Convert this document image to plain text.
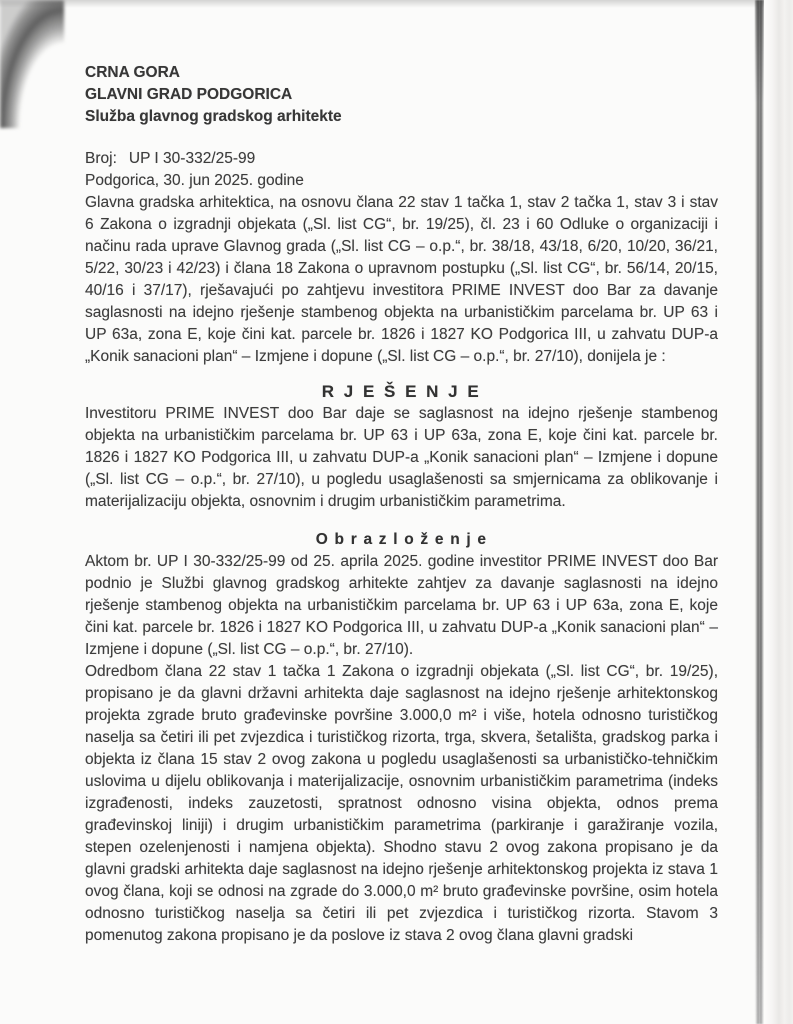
CRNA GORA
GLAVNI GRAD PODGORICA
Služba glavnog gradskog arhitekte
Broj: UP I 30-332/25-99
Podgorica, 30. jun 2025. godine

Glavna gradska arhitektica, na osnovu člana 22 stav 1 tačka 1, stav 2 tačka 1, stav 3 i stav 6 Zakona o izgradnji objekata („Sl. list CG“, br. 19/25), čl. 23 i 60 Odluke o organizaciji i načinu rada uprave Glavnog grada („Sl. list CG – o.p.“, br. 38/18, 43/18, 6/20, 10/20, 36/21, 5/22, 30/23 i 42/23) i člana 18 Zakona o upravnom postupku („Sl. list CG“, br. 56/14, 20/15, 40/16 i 37/17), rješavajući po zahtjevu investitora PRIME INVEST doo Bar za davanje saglasnosti na idejno rješenje stambenog objekta na urbanističkim parcelama br. UP 63 i UP 63a, zona E, koje čini kat. parcele br. 1826 i 1827 KO Podgorica III, u zahvatu DUP-a „Konik sanacioni plan“ – Izmjene i dopune („Sl. list CG – o.p.“, br. 27/10), donijela je :

R J E Š E N J E

Investitoru PRIME INVEST doo Bar daje se saglasnost na idejno rješenje stambenog objekta na urbanističkim parcelama br. UP 63 i UP 63a, zona E, koje čini kat. parcele br. 1826 i 1827 KO Podgorica III, u zahvatu DUP-a „Konik sanacioni plan“ – Izmjene i dopune („Sl. list CG – o.p.“, br. 27/10), u pogledu usaglašenosti sa smjernicama za oblikovanje i materijalizaciju objekta, osnovnim i drugim urbanističkim parametrima.

O b r a z l o ž e n j e

Aktom br. UP I 30-332/25-99 od 25. aprila 2025. godine investitor PRIME INVEST doo Bar podnio je Službi glavnog gradskog arhitekte zahtjev za davanje saglasnosti na idejno rješenje stambenog objekta na urbanističkim parcelama br. UP 63 i UP 63a, zona E, koje čini kat. parcele br. 1826 i 1827 KO Podgorica III, u zahvatu DUP-a „Konik sanacioni plan“ – Izmjene i dopune („Sl. list CG – o.p.“, br. 27/10).

Odredbom člana 22 stav 1 tačka 1 Zakona o izgradnji objekata („Sl. list CG“, br. 19/25), propisano je da glavni državni arhitekta daje saglasnost na idejno rješenje arhitektonskog projekta zgrade bruto građevinske površine 3.000,0 m² i više, hotela odnosno turističkog naselja sa četiri ili pet zvjezdica i turističkog rizorta, trga, skvera, šetališta, gradskog parka i objekta iz člana 15 stav 2 ovog zakona u pogledu usaglašenosti sa urbanističko-tehničkim uslovima u dijelu oblikovanja i materijalizacije, osnovnim urbanističkim parametrima (indeks izgrađenosti, indeks zauzetosti, spratnost odnosno visina objekta, odnos prema građevinskoj liniji) i drugim urbanističkim parametrima (parkiranje i garažiranje vozila, stepen ozelenjenosti i namjena objekta). Shodno stavu 2 ovog zakona propisano je da glavni gradski arhitekta daje saglasnost na idejno rješenje arhitektonskog projekta iz stava 1 ovog člana, koji se odnosi na zgrade do 3.000,0 m² bruto građevinske površine, osim hotela odnosno turističkog naselja sa četiri ili pet zvjezdica i turističkog rizorta. Stavom 3 pomenutog zakona propisano je da poslove iz stava 2 ovog člana glavni gradski
